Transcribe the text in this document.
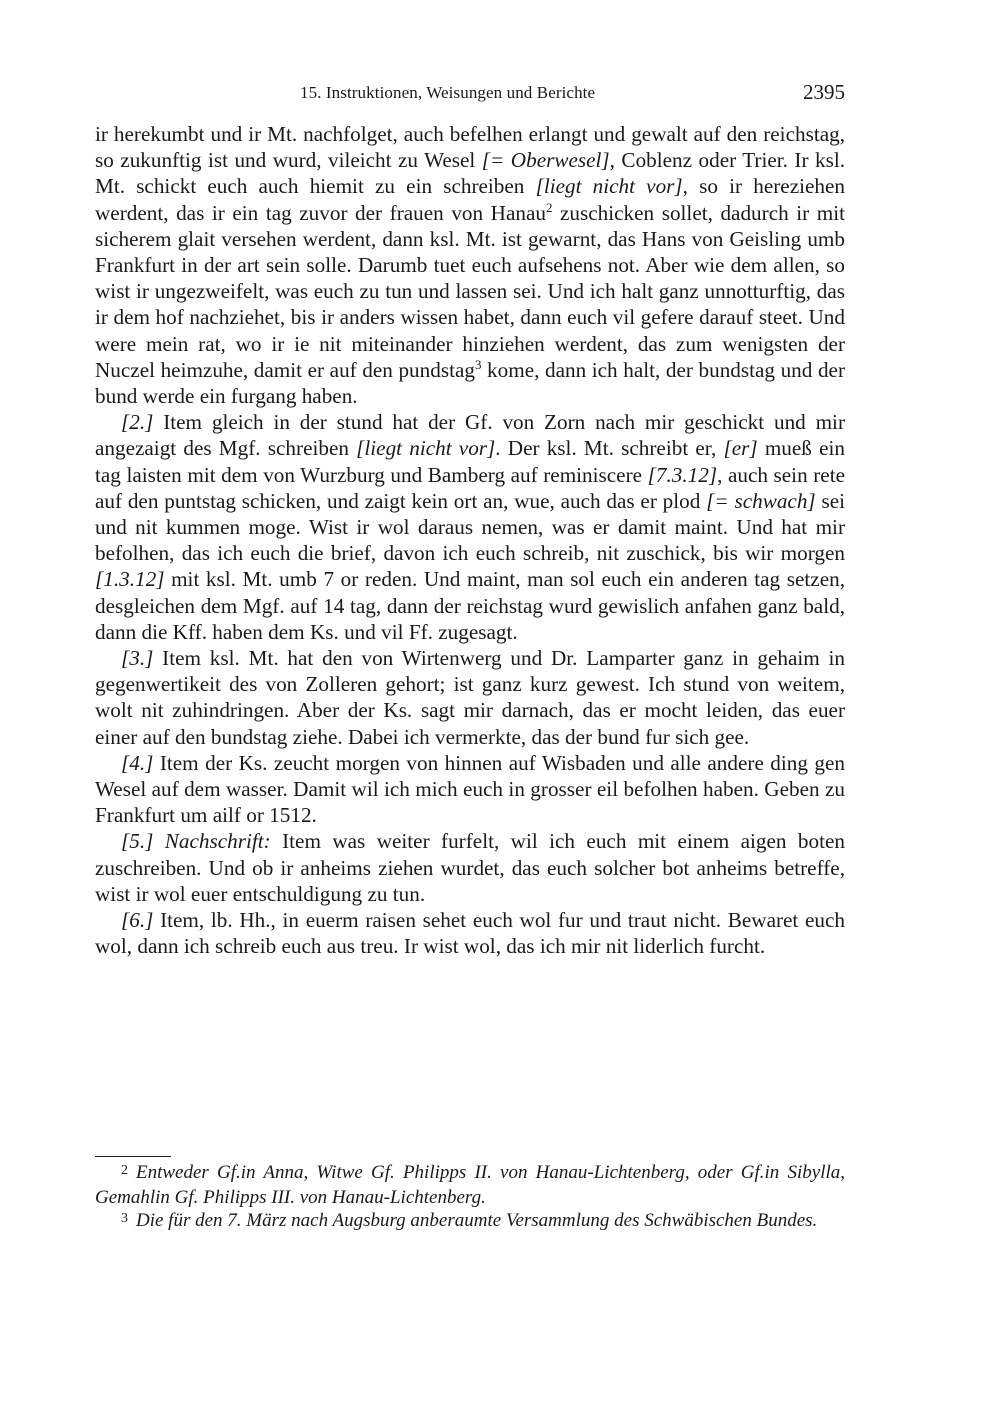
15. Instruktionen, Weisungen und Berichte	2395

ir herekumbt und ir Mt. nachfolget, auch befelhen erlangt und gewalt auf den reichstag, so zukunftig ist und wurd, vileicht zu Wesel [= Oberwesel], Coblenz oder Trier. Ir ksl. Mt. schickt euch auch hiemit zu ein schreiben [liegt nicht vor], so ir hereziehen werdent, das ir ein tag zuvor der frauen von Hanau$^2$ zuschicken sollet, dadurch ir mit sicherem glait versehen werdent, dann ksl. Mt. ist gewarnt, das Hans von Geisling umb Frankfurt in der art sein solle. Darumb tuet euch aufsehens not. Aber wie dem allen, so wist ir ungezweifelt, was euch zu tun und lassen sei. Und ich halt ganz unnotturftig, das ir dem hof nachziehet, bis ir anders wissen habet, dann euch vil gefere darauf steet. Und were mein rat, wo ir ie nit miteinander hinziehen werdent, das zum wenigsten der Nuczel heimzuhe, damit er auf den pundstag$^3$ kome, dann ich halt, der bundstag und der bund werde ein furgang haben.

[2.] Item gleich in der stund hat der Gf. von Zorn nach mir geschickt und mir angezaigt des Mgf. schreiben [liegt nicht vor]. Der ksl. Mt. schreibt er, [er] mueß ein tag laisten mit dem von Wurzburg und Bamberg auf reminiscere [7.3.12], auch sein rete auf den puntstag schicken, und zaigt kein ort an, wue, auch das er plod [= schwach] sei und nit kummen moge. Wist ir wol daraus nemen, was er damit maint. Und hat mir befolhen, das ich euch die brief, davon ich euch schreib, nit zuschick, bis wir morgen [1.3.12] mit ksl. Mt. umb 7 or reden. Und maint, man sol euch ein anderen tag setzen, desgleichen dem Mgf. auf 14 tag, dann der reichstag wurd gewislich anfahen ganz bald, dann die Kff. haben dem Ks. und vil Ff. zugesagt.

[3.] Item ksl. Mt. hat den von Wirtenwerg und Dr. Lamparter ganz in gehaim in gegenwertikeit des von Zolleren gehort; ist ganz kurz gewest. Ich stund von weitem, wolt nit zuhindringen. Aber der Ks. sagt mir darnach, das er mocht leiden, das euer einer auf den bundstag ziehe. Dabei ich vermerkte, das der bund fur sich gee.

[4.] Item der Ks. zeucht morgen von hinnen auf Wisbaden und alle andere ding gen Wesel auf dem wasser. Damit wil ich mich euch in grosser eil befolhen haben. Geben zu Frankfurt um ailf or 1512.

[5.] Nachschrift: Item was weiter furfelt, wil ich euch mit einem aigen boten zuschreiben. Und ob ir anheims ziehen wurdet, das euch solcher bot anheims betreffe, wist ir wol euer entschuldigung zu tun.

[6.] Item, lb. Hh., in euerm raisen sehet euch wol fur und traut nicht. Bewaret euch wol, dann ich schreib euch aus treu. Ir wist wol, das ich mir nit liderlich furcht.

$^2$ Entweder Gf.in Anna, Witwe Gf. Philipps II. von Hanau-Lichtenberg, oder Gf.in Sibylla, Gemahlin Gf. Philipps III. von Hanau-Lichtenberg.

$^3$ Die für den 7. März nach Augsburg anberaumte Versammlung des Schwäbischen Bundes.
